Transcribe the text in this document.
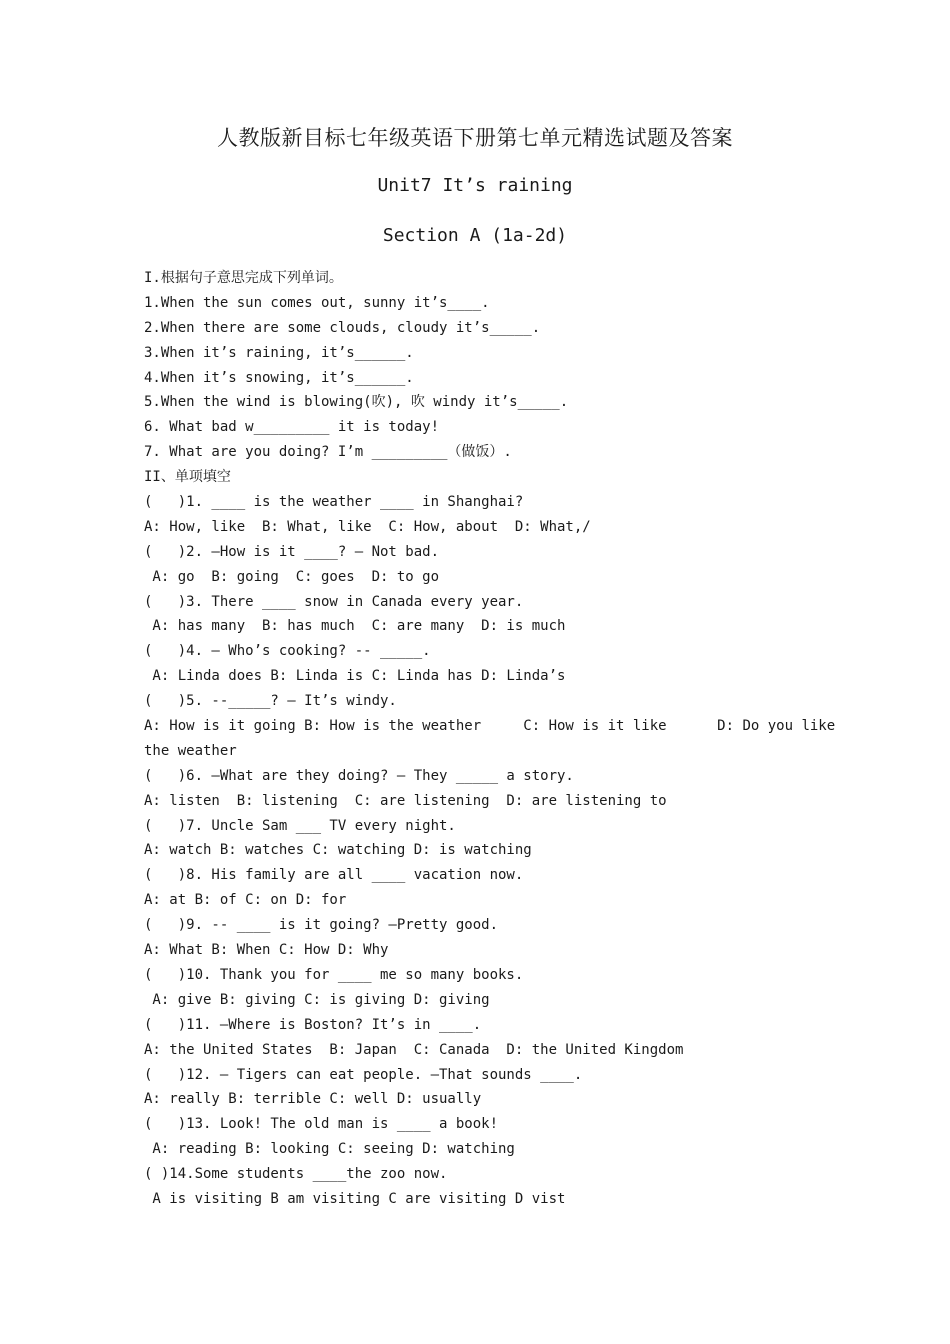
人教版新目标七年级英语下册第七单元精选试题及答案
Unit7 It’s raining
Section A (1a-2d)
I.根据句子意思完成下列单词。
1.When the sun comes out, sunny it’s____.
2.When there are some clouds, cloudy it’s_____.
3.When it’s raining, it’s______.
4.When it’s snowing, it’s______.
5.When the wind is blowing(吹), 吹 windy it’s_____.
6. What bad w_________ it is today!
7. What are you doing? I’m _________（做饭）.
II、单项填空
(   )1. ____ is the weather ____ in Shanghai?
A: How, like  B: What, like  C: How, about  D: What,/
(   )2. –How is it ____? – Not bad.
A: go  B: going  C: goes  D: to go
(   )3. There ____ snow in Canada every year.
A: has many  B: has much  C: are many  D: is much
(   )4. – Who’s cooking? -- _____.
A: Linda does B: Linda is C: Linda has D: Linda’s
(   )5. --_____? – It’s windy.
A: How is it going B: How is the weather     C: How is it like      D: Do you like
the weather
(   )6. –What are they doing? – They _____ a story.
A: listen  B: listening  C: are listening  D: are listening to
(   )7. Uncle Sam ___ TV every night.
A: watch B: watches C: watching D: is watching
(   )8. His family are all ____ vacation now.
A: at B: of C: on D: for
(   )9. -- ____ is it going? –Pretty good.
A: What B: When C: How D: Why
(   )10. Thank you for ____ me so many books.
A: give B: giving C: is giving D: giving
(   )11. –Where is Boston? It’s in ____.
A: the United States  B: Japan  C: Canada  D: the United Kingdom
(   )12. – Tigers can eat people. –That sounds ____.
A: really B: terrible C: well D: usually
(   )13. Look! The old man is ____ a book!
A: reading B: looking C: seeing D: watching
( )14.Some students ____the zoo now.
A is visiting B am visiting C are visiting D vist
